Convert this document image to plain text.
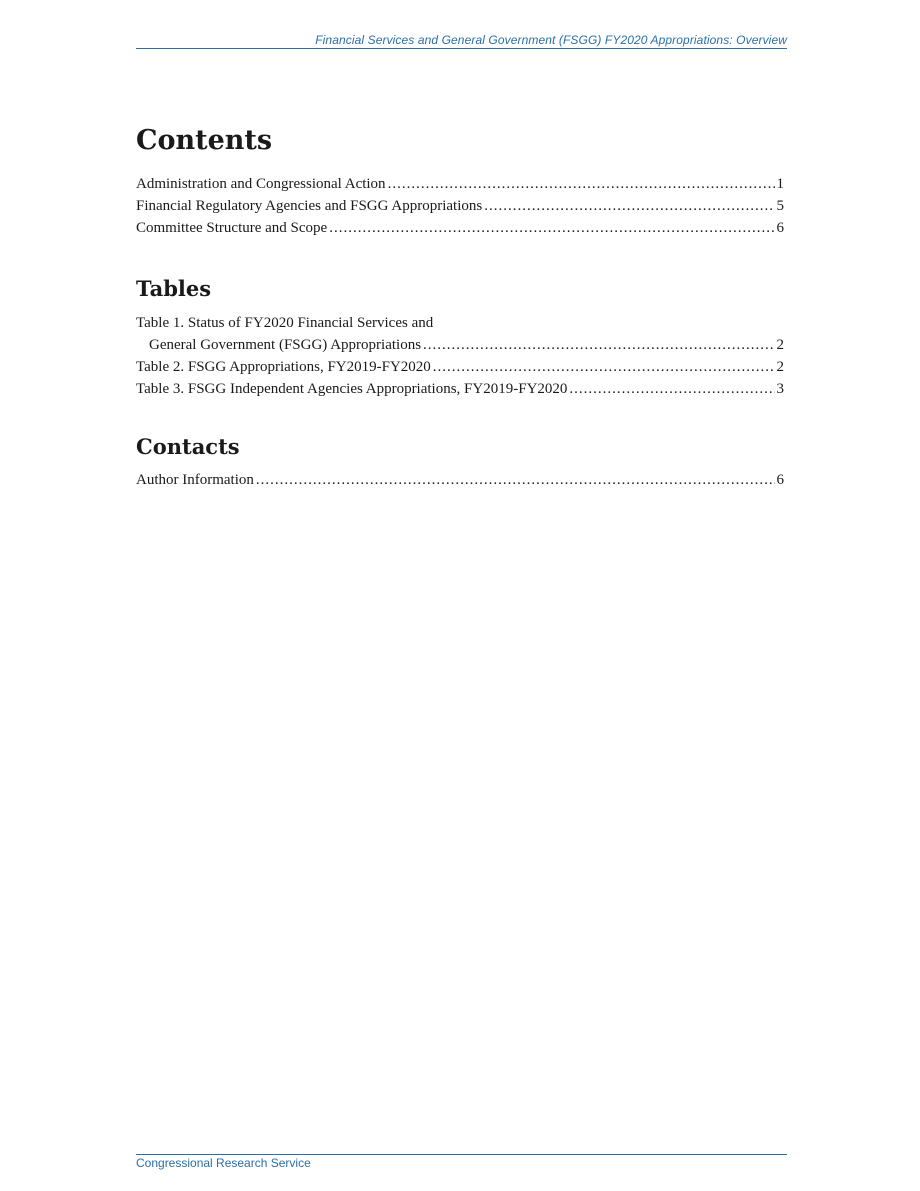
Financial Services and General Government (FSGG) FY2020 Appropriations: Overview
Contents
Administration and Congressional Action .....	1
Financial Regulatory Agencies and FSGG Appropriations .....	5
Committee Structure and Scope .....	6
Tables
Table 1. Status of FY2020 Financial Services and
General Government (FSGG) Appropriations .....	2
Table 2. FSGG Appropriations, FY2019-FY2020 .....	2
Table 3. FSGG Independent Agencies Appropriations, FY2019-FY2020 .....	3
Contacts
Author Information .....	6
Congressional Research Service
